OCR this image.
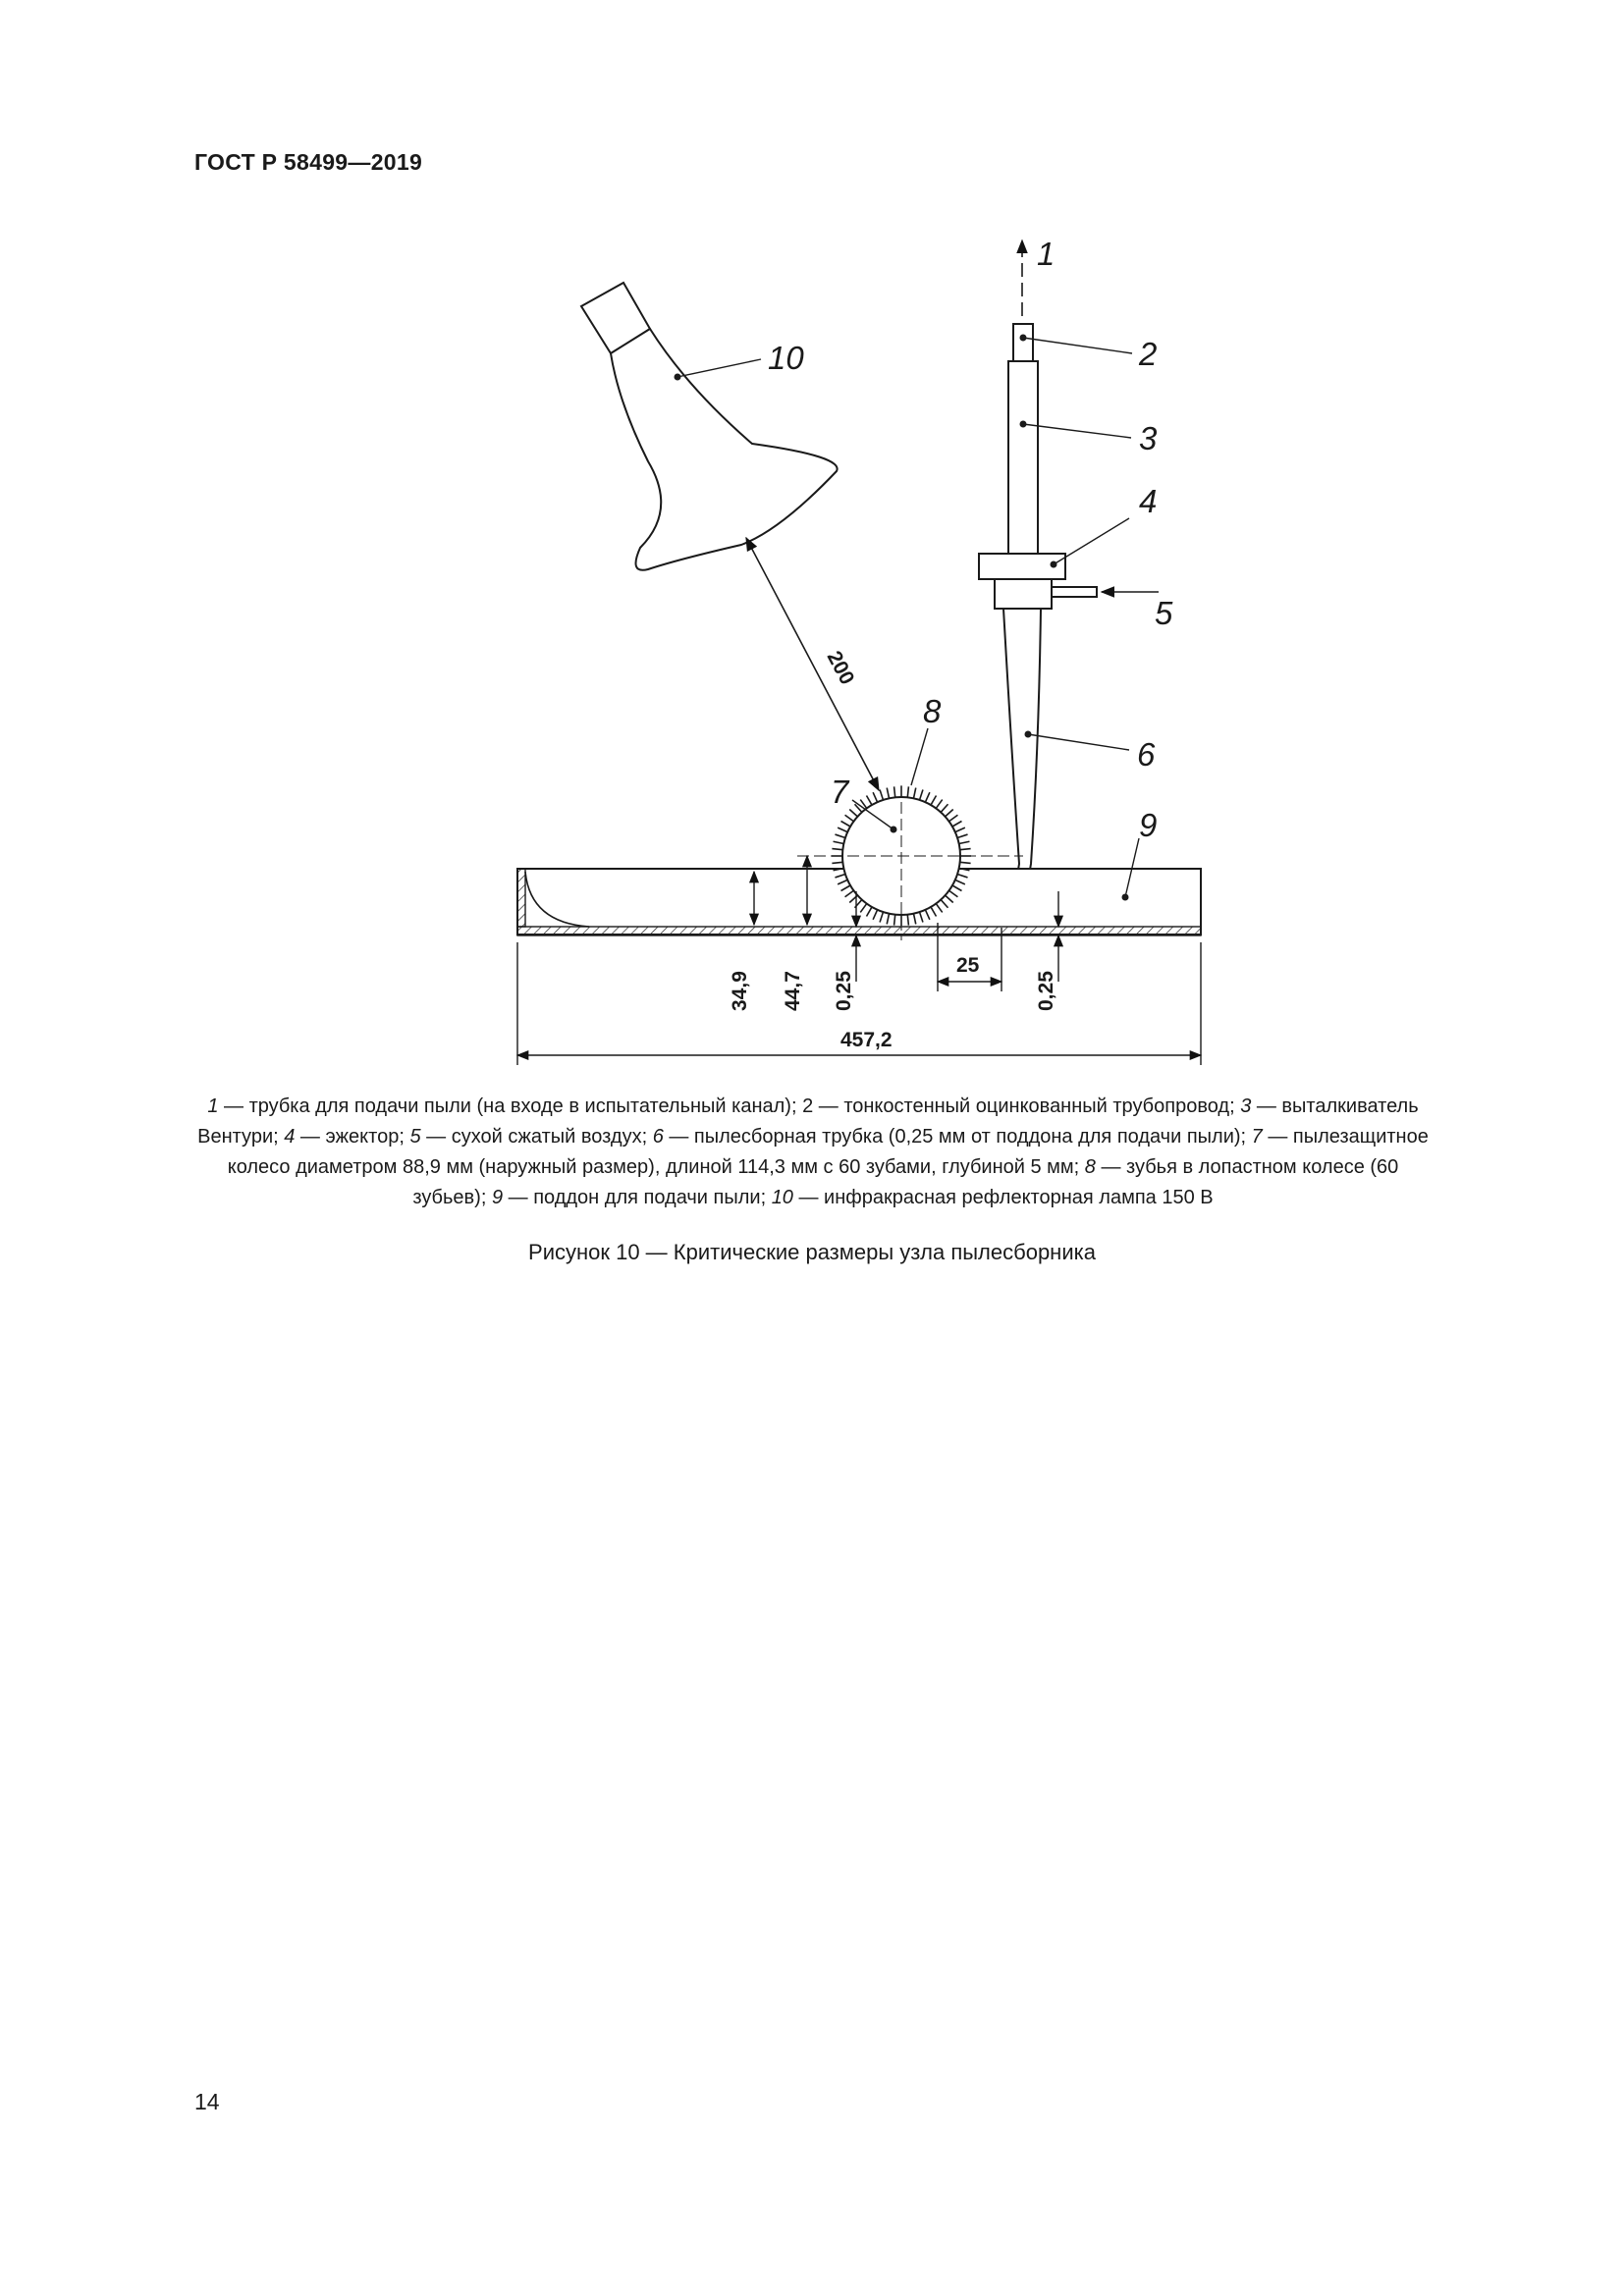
ГОСТ Р 58499—2019
1
2
3
4
5
6
7
8
9
10
200
34,9 44,7 0,25
25
0,25
457,2
1 — трубка для подачи пыли (на входе в испытательный канал); 2 — тонкостенный оцинкованный трубопровод; 3 — выталкиватель Вентури; 4 — эжектор; 5 — сухой сжатый воздух; 6 — пылесборная трубка (0,25 мм от поддона для подачи пыли); 7 — пылезащитное колесо диаметром 88,9 мм (наружный размер), длиной 114,3 мм с 60 зубами, глубиной 5 мм; 8 — зубья в лопастном колесе (60 зубьев); 9 — поддон для подачи пыли; 10 — инфракрасная рефлекторная лампа 150 В
Рисунок 10 — Критические размеры узла пылесборника
14
